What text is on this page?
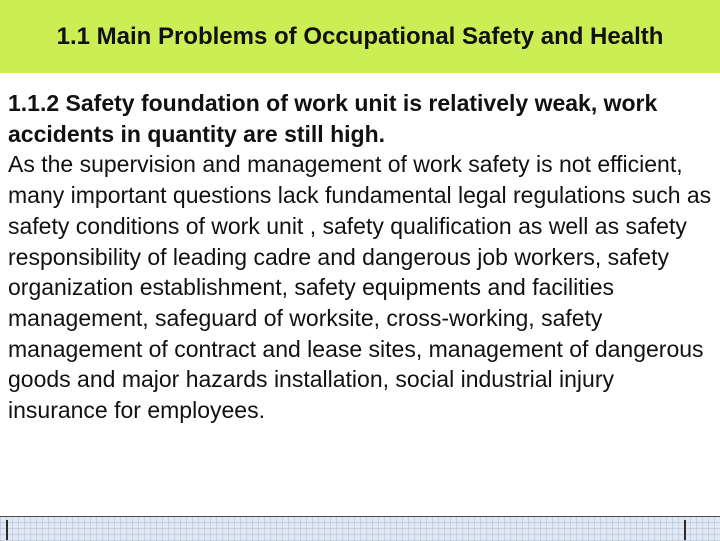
1.1 Main Problems of Occupational Safety and Health
1.1.2 Safety foundation of work unit is relatively weak, work accidents in quantity are still high.
As the supervision and management of work safety is not efficient, many important questions lack fundamental legal regulations such as safety conditions of work unit , safety qualification as well as safety responsibility of leading cadre and dangerous job workers, safety organization establishment, safety equipments and facilities management, safeguard of worksite, cross-working, safety management of contract and lease sites, management of dangerous goods and major hazards installation, social industrial injury insurance for employees.
